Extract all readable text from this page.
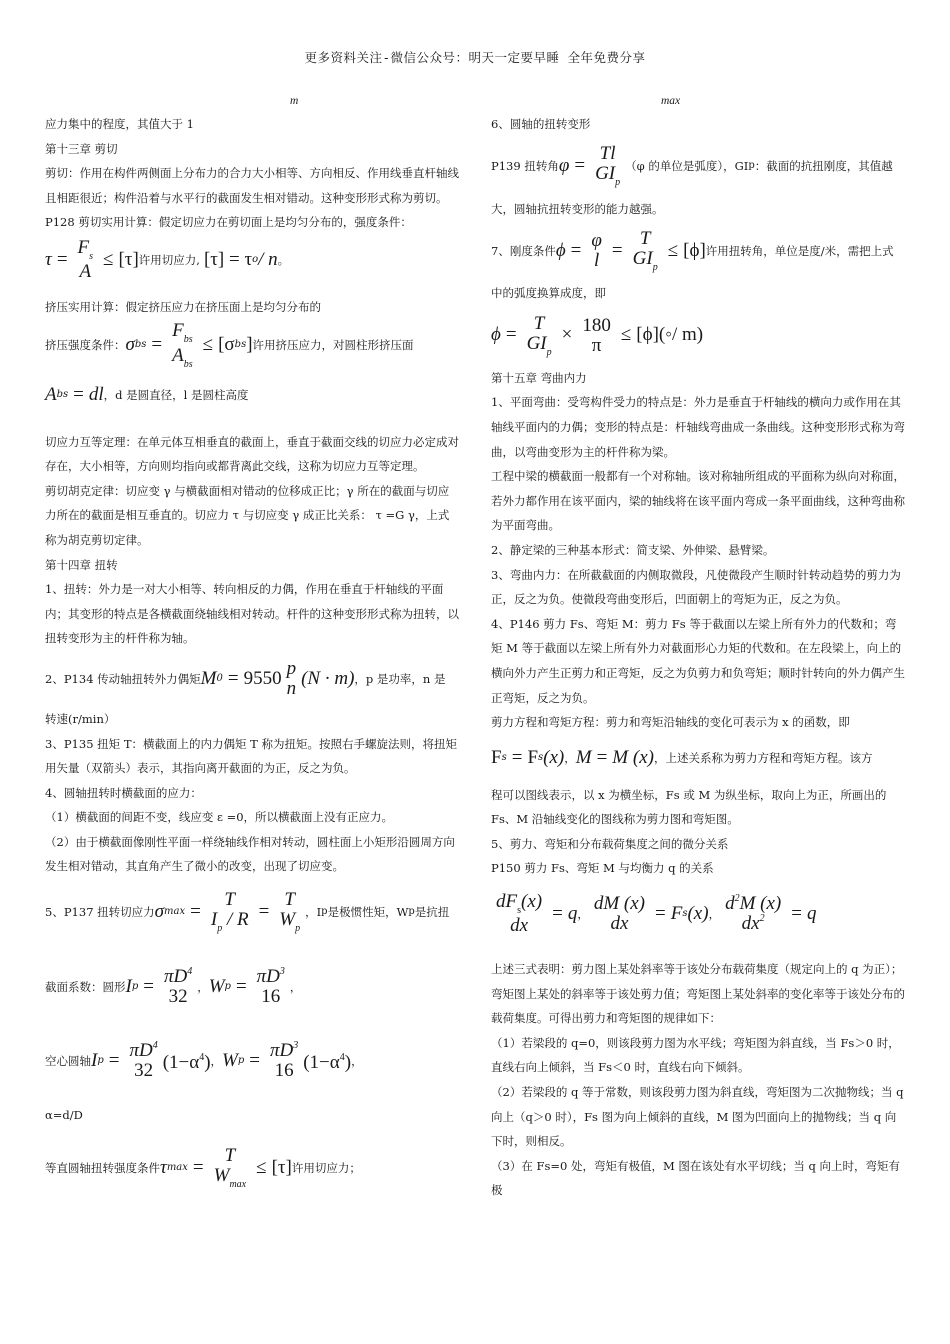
更多资料关注-微信公众号：明天一定要早睡 全年免费分享

m

应力集中的程度，其值大于 1

第十三章 剪切

剪切：作用在构件两侧面上分布力的合力大小相等、方向相反、作用线垂直杆轴线且相距很近；构件沿着与水平行的截面发生相对错动。这种变形形式称为剪切。

P128 剪切实用计算：假定切应力在剪切面上是均匀分布的，强度条件：

τ =
$F_s$
A
≤ [τ] 许用切应力, [τ] = τ o / n 。

挤压实用计算：假定挤压应力在挤压面上是均匀分布的

挤压强度条件： σ bs =
$F_{bs}$
$A_{bs}$
≤ [σ bs ] 许用挤压应力，对圆柱形挤压面
A bs = dl ，d 是圆直径，l 是圆柱高度

切应力互等定理：在单元体互相垂直的截面上，垂直于截面交线的切应力必定成对存在，大小相等，方向则均指向或都背离此交线，这称为切应力互等定理。

剪切胡克定律：切应变 γ 与横截面相对错动的位移成正比；γ 所在的截面与切应力所在的截面是相互垂直的。切应力 τ 与切应变 γ 成正比关系： τ =G γ，上式称为胡克剪切定律。

第十四章 扭转

1、扭转：外力是一对大小相等、转向相反的力偶，作用在垂直于杆轴线的平面内；其变形的特点是各横截面绕轴线相对转动。杆件的这种变形形式称为扭转，以扭转变形为主的杆件称为轴。

2、P134 传动轴扭转外力偶矩 M 0 = 9550 p
n (N · m) ，p 是功率，n 是

转速(r/min）

3、P135 扭矩 T：横截面上的内力偶矩 T 称为扭矩。按照右手螺旋法则，将扭矩用矢量（双箭头）表示，其指向离开截面的为正，反之为负。

4、圆轴扭转时横截面的应力：

（1）横截面的间距不变，线应变 ε =0，所以横截面上没有正应力。

（2）由于横截面像刚性平面一样绕轴线作相对转动，圆柱面上小矩形沿圆周方向发生相对错动，其直角产生了微小的改变，出现了切应变。

5、P137 扭转切应力 σ max =
T
$I_p$ / R =
T
$W_p$
，I p 是极惯性矩，W p 是抗扭
截面系数：圆形 I $p = \pi D^4$
32 ， W $p = \pi D^3$
16 ，
空心圆轴 I $p = \pi D^4$
32 $(1-\alpha^4)$ ， W $p = \pi D^3$
16 $(1-\alpha^4)$ ，

α=d/D

等直圆轴扭转强度条件 τ max =
T
$W_{max}$
≤ [τ] 许用切应力；

max

6、圆轴的扭转变形

P139 扭转角 φ =
Tl
$GI_p$
（φ 的单位是弧度），GI p ：截面的抗扭刚度，其值越

大，圆轴抗扭转变形的能力越强。

7、刚度条件 ϕ = φ
l =
T
$GI_p$
≤ [ϕ] 许用扭转角，单位是度/米，需把上式

中的弧度换算成度，即

ϕ =
T
$GI_p$
× 180
π ≤ [ϕ](◦/ m)

第十五章 弯曲内力

1、平面弯曲：受弯构件受力的特点是：外力是垂直于杆轴线的横向力或作用在其轴线平面内的力偶；变形的特点是：杆轴线弯曲成一条曲线。这种变形形式称为弯曲，以弯曲变形为主的杆件称为梁。

工程中梁的横截面一般都有一个对称轴。该对称轴所组成的平面称为纵向对称面，若外力都作用在该平面内，梁的轴线将在该平面内弯成一条平面曲线，这种弯曲称为平面弯曲。

2、静定梁的三种基本形式：简支梁、外伸梁、悬臂梁。

3、弯曲内力：在所截截面的内侧取微段，凡使微段产生顺时针转动趋势的剪力为正，反之为负。使微段弯曲变形后，凹面朝上的弯矩为正，反之为负。

4、P146 剪力 Fs、弯矩 M：剪力 Fs 等于截面以左梁上所有外力的代数和；弯矩 M 等于截面以左梁上所有外力对截面形心力矩的代数和。在左段梁上，向上的横向外力产生正剪力和正弯矩，反之为负剪力和负弯矩；顺时针转向的外力偶产生正弯矩，反之为负。

剪力方程和弯矩方程：剪力和弯矩沿轴线的变化可表示为 x 的函数，即

F s = F s (x) ， M = M (x) ，上述关系称为剪力方程和弯矩方程。该方

程可以图线表示，以 x 为横坐标，Fs 或 M 为纵坐标，取向上为正，所画出的 Fs、M 沿轴线变化的图线称为剪力图和弯矩图。

5、剪力、弯矩和分布载荷集度之间的微分关系

P150 剪力 Fs、弯矩 M 与均衡力 q 的关系

$dF_s(x)$
dx
= q ， dM (x)
dx = F s (x) ， $d^2M$ (x)
$dx^2 = q$

上述三式表明：剪力图上某处斜率等于该处分布载荷集度（规定向上的 q 为正）；弯矩图上某处的斜率等于该处剪力值；弯矩图上某处斜率的变化率等于该处分布的载荷集度。可得出剪力和弯矩图的规律如下：

（1）若梁段的 q=0，则该段剪力图为水平线；弯矩图为斜直线，当 Fs＞0 时，直线右向上倾斜，当 Fs＜0 时，直线右向下倾斜。

（2）若梁段的 q 等于常数，则该段剪力图为斜直线，弯矩图为二次抛物线；当 q 向上（q＞0 时），Fs 图为向上倾斜的直线，M 图为凹面向上的抛物线；当 q 向下时，则相反。

（3）在 Fs=0 处，弯矩有极值，M 图在该处有水平切线；当 q 向上时，弯矩有极
